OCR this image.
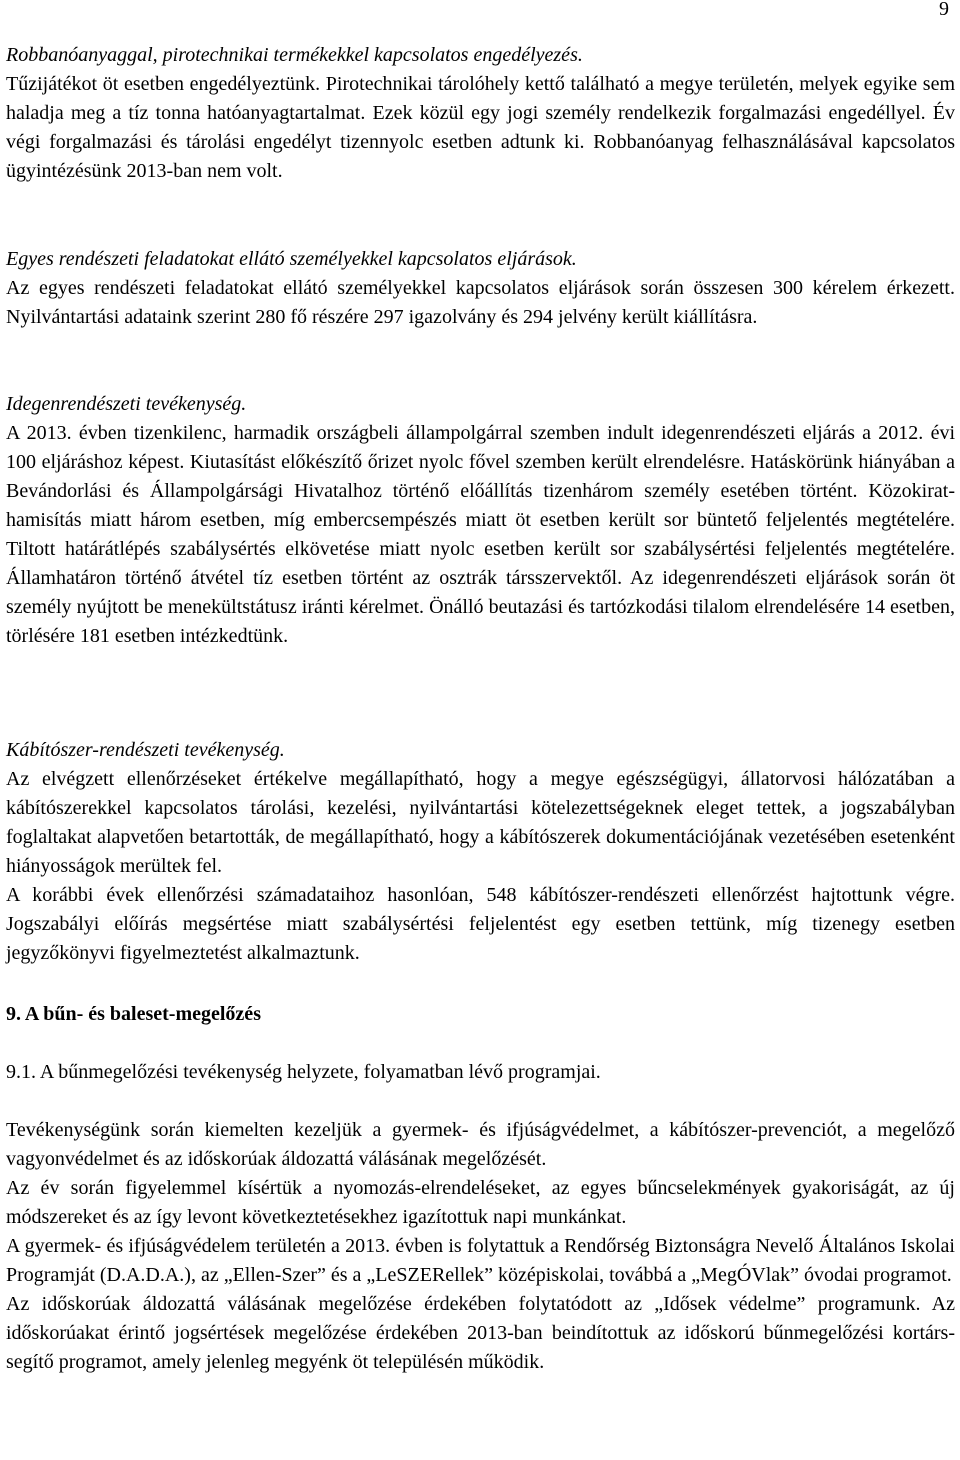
9
Robbanóanyaggal, pirotechnikai termékekkel kapcsolatos engedélyezés.

Tűzijátékot öt esetben engedélyeztünk. Pirotechnikai tárolóhely kettő található a megye területén, melyek egyike sem haladja meg a tíz tonna hatóanyagtartalmat. Ezek közül egy jogi személy rendelkezik forgalmazási engedéllyel. Év végi forgalmazási és tárolási engedélyt tizennyolc esetben adtunk ki. Robbanóanyag felhasználásával kapcsolatos ügyintézésünk 2013-ban nem volt.

Egyes rendészeti feladatokat ellátó személyekkel kapcsolatos eljárások.

Az egyes rendészeti feladatokat ellátó személyekkel kapcsolatos eljárások során összesen 300 kérelem érkezett. Nyilvántartási adataink szerint 280 fő részére 297 igazolvány és 294 jelvény került kiállításra.

Idegenrendészeti tevékenység.

A 2013. évben tizenkilenc, harmadik országbeli állampolgárral szemben indult idegenrendészeti eljárás a 2012. évi 100 eljáráshoz képest. Kiutasítást előkészítő őrizet nyolc fővel szemben került elrendelésre. Hatáskörünk hiányában a Bevándorlási és Állampolgársági Hivatalhoz történő előállítás tizenhárom személy esetében történt. Közokirat-hamisítás miatt három esetben, míg embercsempészés miatt öt esetben került sor büntető feljelentés megtételére. Tiltott határátlépés szabálysértés elkövetése miatt nyolc esetben került sor szabálysértési feljelentés megtételére. Államhatáron történő átvétel tíz esetben történt az osztrák társszervektől. Az idegenrendészeti eljárások során öt személy nyújtott be menekültstátusz iránti kérelmet. Önálló beutazási és tartózkodási tilalom elrendelésére 14 esetben, törlésére 181 esetben intézkedtünk.

Kábítószer-rendészeti tevékenység.

Az elvégzett ellenőrzéseket értékelve megállapítható, hogy a megye egészségügyi, állatorvosi hálózatában a kábítószerekkel kapcsolatos tárolási, kezelési, nyilvántartási kötelezettségeknek eleget tettek, a jogszabályban foglaltakat alapvetően betartották, de megállapítható, hogy a kábítószerek dokumentációjának vezetésében esetenként hiányosságok merültek fel.

A korábbi évek ellenőrzési számadataihoz hasonlóan, 548 kábítószer-rendészeti ellenőrzést hajtottunk végre. Jogszabályi előírás megsértése miatt szabálysértési feljelentést egy esetben tettünk, míg tizenegy esetben jegyzőkönyvi figyelmeztetést alkalmaztunk.

9. A bűn- és baleset-megelőzés
9.1. A bűnmegelőzési tevékenység helyzete, folyamatban lévő programjai.

Tevékenységünk során kiemelten kezeljük a gyermek- és ifjúságvédelmet, a kábítószer-prevenciót, a megelőző vagyonvédelmet és az időskorúak áldozattá válásának megelőzését.

Az év során figyelemmel kísértük a nyomozás-elrendeléseket, az egyes bűncselekmények gyakoriságát, az új módszereket és az így levont következtetésekhez igazítottuk napi munkánkat.

A gyermek- és ifjúságvédelem területén a 2013. évben is folytattuk a Rendőrség Biztonságra Nevelő Általános Iskolai Programját (D.A.D.A.), az „Ellen-Szer” és a „LeSZERellek” középiskolai, továbbá a „MegÓVlak” óvodai programot.

Az időskorúak áldozattá válásának megelőzése érdekében folytatódott az „Idősek védelme” programunk. Az időskorúakat érintő jogsértések megelőzése érdekében 2013-ban beindítottuk az időskorú bűnmegelőzési kortárs-segítő programot, amely jelenleg megyénk öt településén működik.
